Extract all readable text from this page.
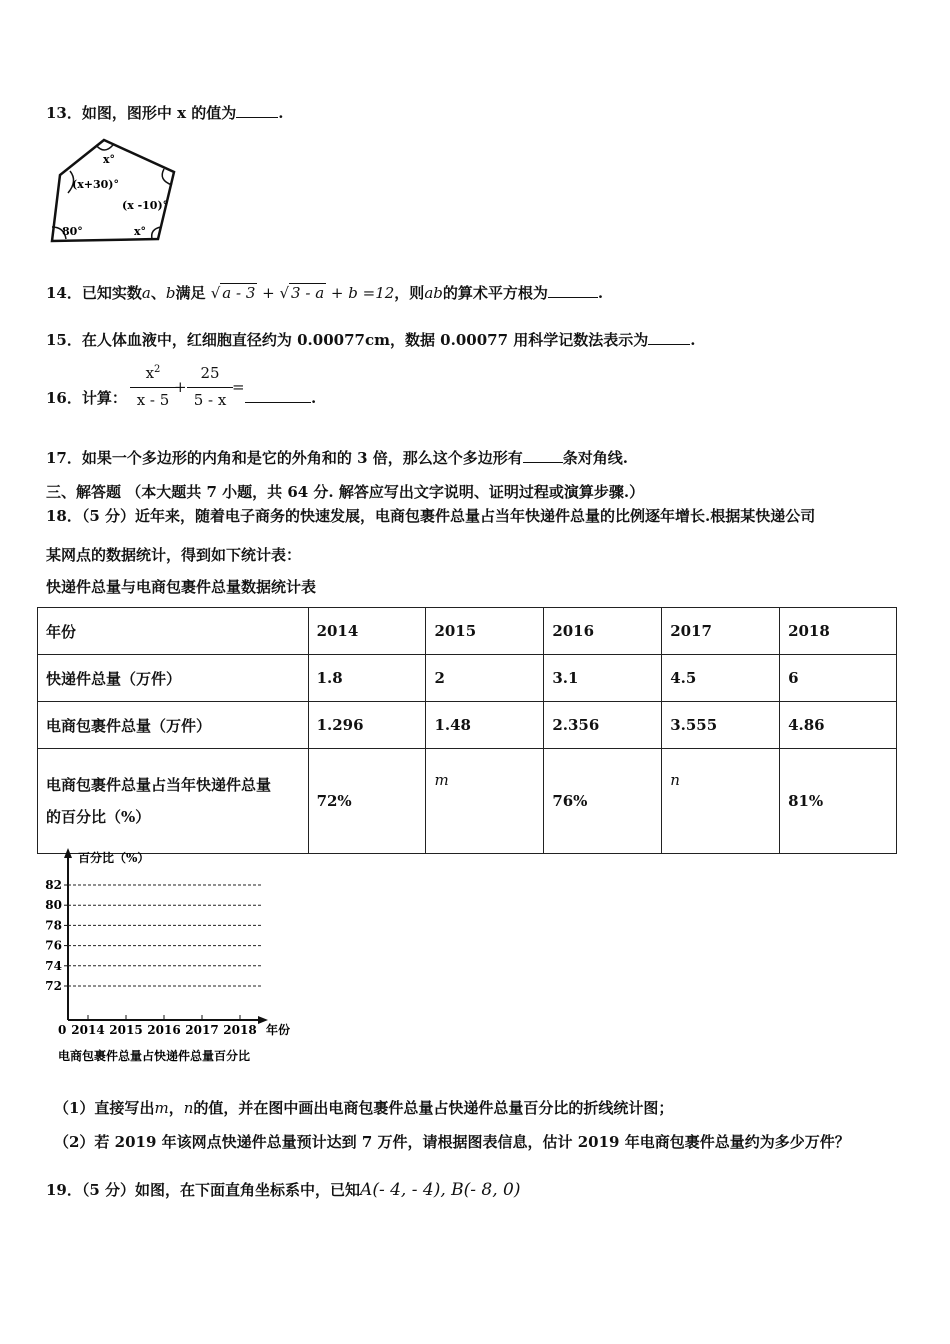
13．如图，图形中 x 的值为	.
x°
(x+30)°
(x -10)°
80°	x°
14．已知实数a、b满足 √ a - 3 + √ 3 - a + b =12，则ab的算术平方根为	.
15．在人体血液中，红细胞直径约为 0.00077cm，数据 0.00077 用科学记数法表示为	.
16．计算：
$x^2$
x - 5
+
25
5 - x
=
.
17．如果一个多边形的内角和是它的外角和的 3 倍，那么这个多边形有	条对角线.
三、解答题 （本大题共 7 小题，共 64 分. 解答应写出文字说明、证明过程或演算步骤.）
18．（5 分）近年来，随着电子商务的快速发展，电商包裹件总量占当年快递件总量的比例逐年增长.根据某快递公司
某网点的数据统计，得到如下统计表：
快递件总量与电商包裹件总量数据统计表
年份	2014	2015	2016	2017	2018
快递件总量（万件）	1.8	2	3.1	4.5	6
电商包裹件总量（万件）	1.296	1.48	2.356	3.555	4.86

电商包裹件总量占当年快递件总量
的百分比（%）	72%	m	76%	n	81%
82
80
78
76
74
72
2014 2015 2016 2017 2018
百分比（%）
0	年份
电商包裹件总量占快递件总量百分比
（1）直接写出m，n的值，并在图中画出电商包裹件总量占快递件总量百分比的折线统计图；
（2）若 2019 年该网点快递件总量预计达到 7 万件，请根据图表信息，估计 2019 年电商包裹件总量约为多少万件？
19．（5 分）如图，在下面直角坐标系中，已知A(- 4, - 4), B(- 8, 0)
